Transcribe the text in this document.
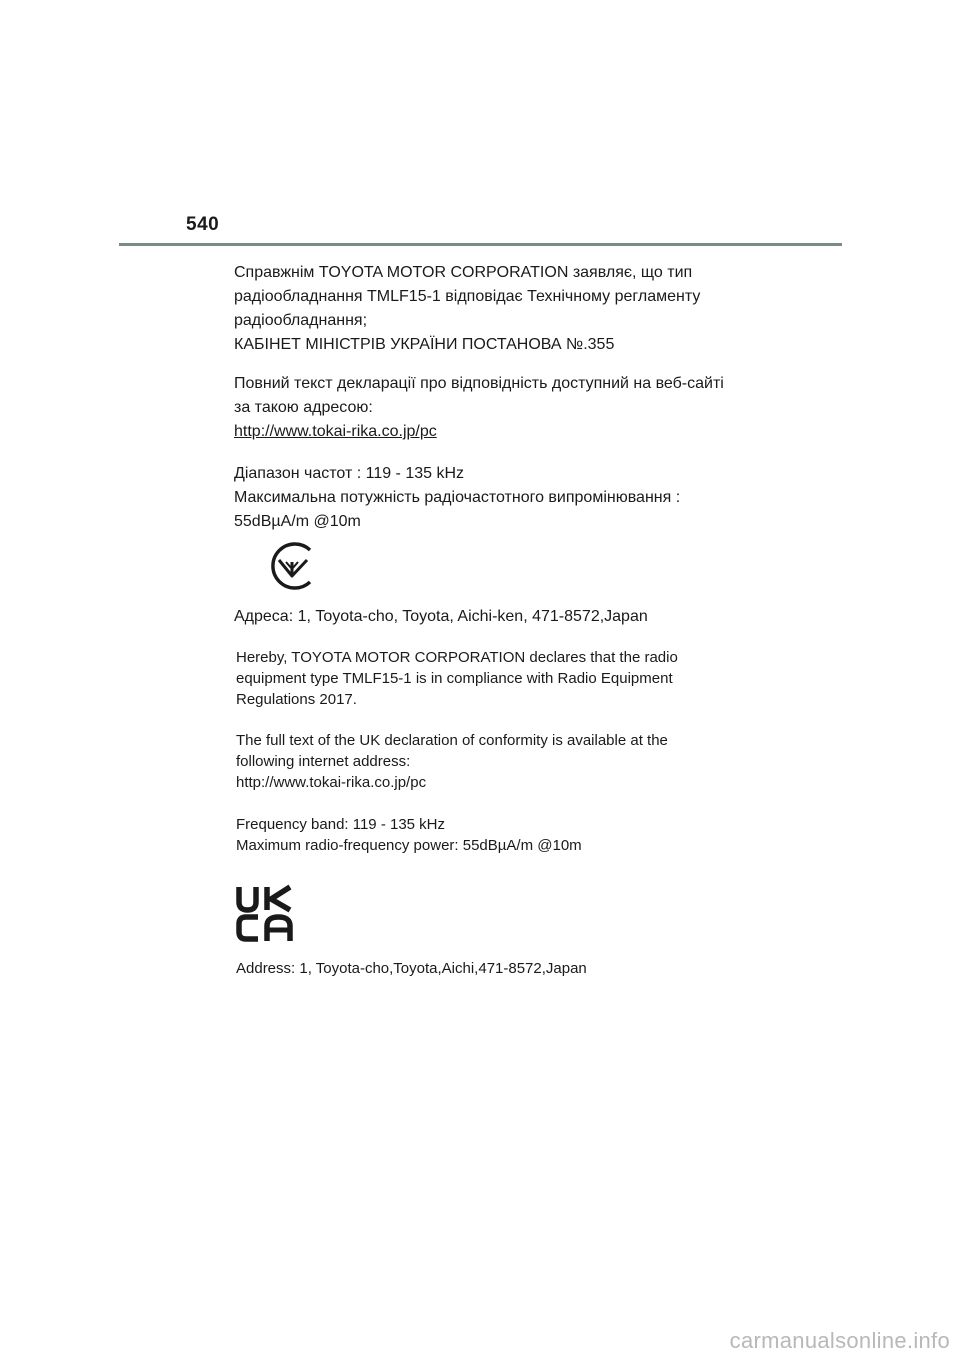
540

Справжнім TOYOTA MOTOR CORPORATION заявляє, що тип
радіообладнання TMLF15-1 відповідає Технічному регламенту
радіообладнання;
КАБІНЕТ МІНІСТРІВ УКРАЇНИ ПОСТАНОВА №.355

Повний текст декларації про відповідність доступний на веб-сайті
за такою адресою:
http://www.tokai-rika.co.jp/pc

Діапазон частот : 119 - 135 kHz
Максимальна потужність радіочастотного випромінювання :
55dBµA/m @10m

Адреса: 1, Toyota-cho, Toyota, Aichi-ken, 471-8572,Japan

Hereby, TOYOTA MOTOR CORPORATION declares that the radio
equipment type TMLF15-1 is in compliance with Radio Equipment
Regulations 2017.

The full text of the UK declaration of conformity is available at the
following internet address:
http://www.tokai-rika.co.jp/pc

Frequency band: 119 - 135 kHz
Maximum radio-frequency power: 55dBµA/m @10m

Address: 1, Toyota-cho,Toyota,Aichi,471-8572,Japan

carmanualsonline.info
